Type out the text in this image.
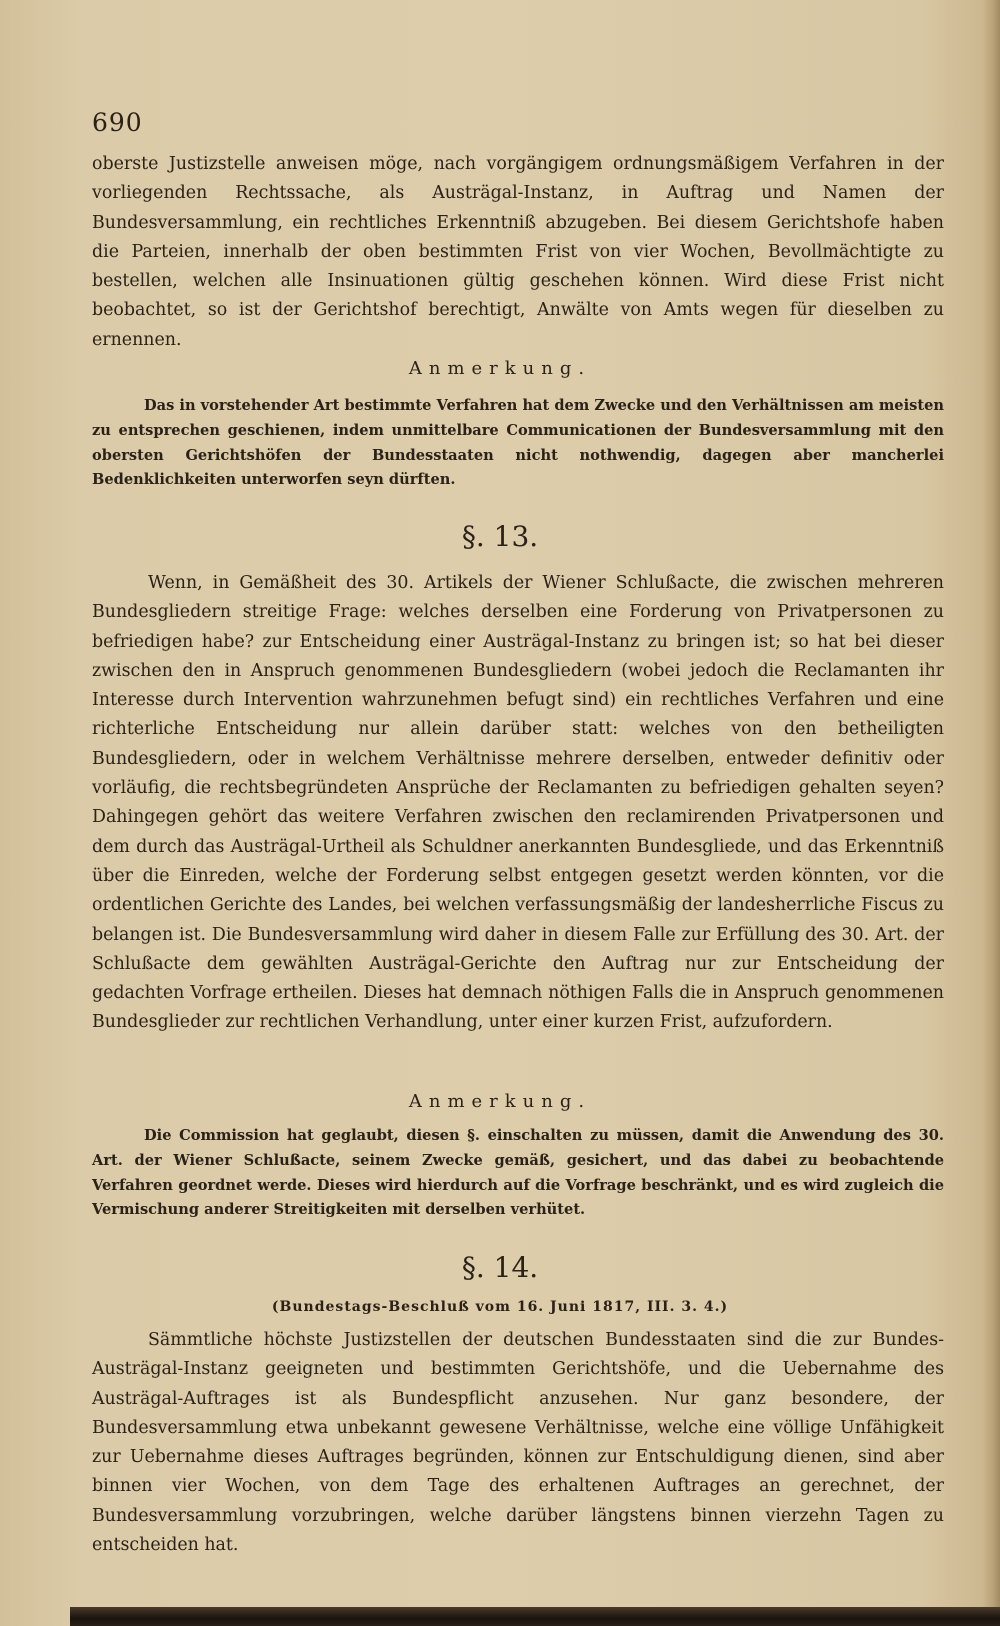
690

oberste Justizstelle anweisen möge, nach vorgängigem ordnungsmäßigem Verfahren in der vorliegenden Rechtssache, als Austrägal-Instanz, in Auftrag und Namen der Bundesversammlung, ein rechtliches Erkenntniß abzugeben. Bei diesem Gerichtshofe haben die Parteien, innerhalb der oben bestimmten Frist von vier Wochen, Bevollmächtigte zu bestellen, welchen alle Insinuationen gültig geschehen können. Wird diese Frist nicht beobachtet, so ist der Gerichtshof berechtigt, Anwälte von Amts wegen für dieselben zu ernennen.

Anmerkung.

Das in vorstehender Art bestimmte Verfahren hat dem Zwecke und den Verhältnissen am meisten zu entsprechen geschienen, indem unmittelbare Communicationen der Bundesversammlung mit den obersten Gerichtshöfen der Bundesstaaten nicht nothwendig, dagegen aber mancherlei Bedenklichkeiten unterworfen seyn dürften.

§. 13.

Wenn, in Gemäßheit des 30. Artikels der Wiener Schlußacte, die zwischen mehreren Bundesgliedern streitige Frage: welches derselben eine Forderung von Privatpersonen zu befriedigen habe? zur Entscheidung einer Austrägal-Instanz zu bringen ist; so hat bei dieser zwischen den in Anspruch genommenen Bundesgliedern (wobei jedoch die Reclamanten ihr Interesse durch Intervention wahrzunehmen befugt sind) ein rechtliches Verfahren und eine richterliche Entscheidung nur allein darüber statt: welches von den betheiligten Bundesgliedern, oder in welchem Verhältnisse mehrere derselben, entweder definitiv oder vorläufig, die rechtsbegründeten Ansprüche der Reclamanten zu befriedigen gehalten seyen? Dahingegen gehört das weitere Verfahren zwischen den reclamirenden Privatpersonen und dem durch das Austrägal-Urtheil als Schuldner anerkannten Bundesgliede, und das Erkenntniß über die Einreden, welche der Forderung selbst entgegen gesetzt werden könnten, vor die ordentlichen Gerichte des Landes, bei welchen verfassungsmäßig der landesherrliche Fiscus zu belangen ist. Die Bundesversammlung wird daher in diesem Falle zur Erfüllung des 30. Art. der Schlußacte dem gewählten Austrägal-Gerichte den Auftrag nur zur Entscheidung der gedachten Vorfrage ertheilen. Dieses hat demnach nöthigen Falls die in Anspruch genommenen Bundesglieder zur rechtlichen Verhandlung, unter einer kurzen Frist, aufzufordern.

Anmerkung.

Die Commission hat geglaubt, diesen §. einschalten zu müssen, damit die Anwendung des 30. Art. der Wiener Schlußacte, seinem Zwecke gemäß, gesichert, und das dabei zu beobachtende Verfahren geordnet werde. Dieses wird hierdurch auf die Vorfrage beschränkt, und es wird zugleich die Vermischung anderer Streitigkeiten mit derselben verhütet.

§. 14.
(Bundestags-Beschluß vom 16. Juni 1817, III. 3. 4.)

Sämmtliche höchste Justizstellen der deutschen Bundesstaaten sind die zur Bundes-Austrägal-Instanz geeigneten und bestimmten Gerichtshöfe, und die Uebernahme des Austrägal-Auftrages ist als Bundespflicht anzusehen. Nur ganz besondere, der Bundesversammlung etwa unbekannt gewesene Verhältnisse, welche eine völlige Unfähigkeit zur Uebernahme dieses Auftrages begründen, können zur Entschuldigung dienen, sind aber binnen vier Wochen, von dem Tage des erhaltenen Auftrages an gerechnet, der Bundesversammlung vorzubringen, welche darüber längstens binnen vierzehn Tagen zu entscheiden hat.
